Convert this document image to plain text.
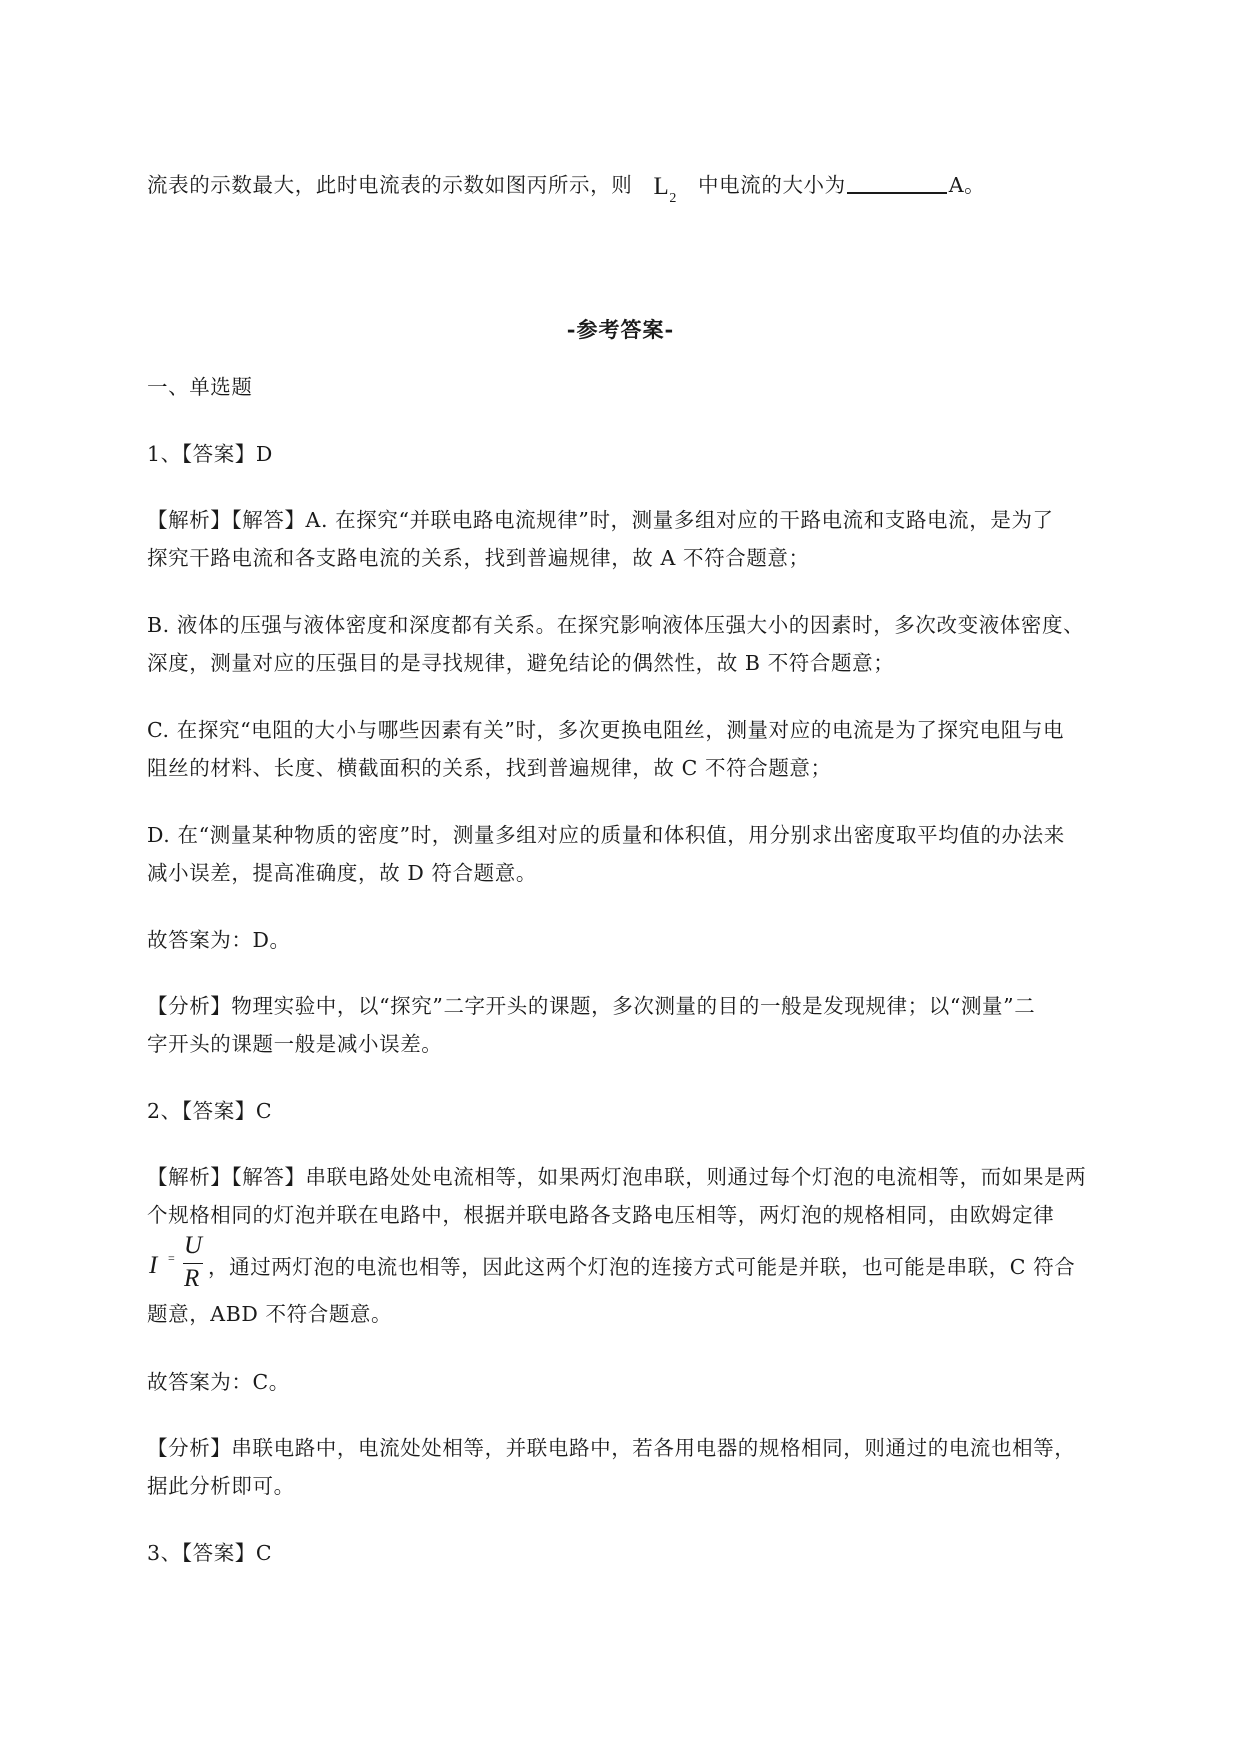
流表的示数最大，此时电流表的示数如图丙所示，则 $L_2$ 中电流的大小为	A。
-参考答案-
一、单选题
1、【答案】D
【解析】【解答】A. 在探究“并联电路电流规律”时，测量多组对应的干路电流和支路电流，是为了
探究干路电流和各支路电流的关系，找到普遍规律，故 A 不符合题意；
B. 液体的压强与液体密度和深度都有关系。在探究影响液体压强大小的因素时，多次改变液体密度、
深度，测量对应的压强目的是寻找规律，避免结论的偶然性，故 B 不符合题意；
C. 在探究“电阻的大小与哪些因素有关”时，多次更换电阻丝，测量对应的电流是为了探究电阻与电
阻丝的材料、长度、横截面积的关系，找到普遍规律，故 C 不符合题意；
D. 在“测量某种物质的密度”时，测量多组对应的质量和体积值，用分别求出密度取平均值的办法来
减小误差，提高准确度，故 D 符合题意。
故答案为：D。
【分析】物理实验中，以“探究”二字开头的课题，多次测量的目的一般是发现规律；以“测量”二
字开头的课题一般是减小误差。
2、【答案】C
【解析】【解答】串联电路处处电流相等，如果两灯泡串联，则通过每个灯泡的电流相等，而如果是两
个规格相同的灯泡并联在电路中，根据并联电路各支路电压相等，两灯泡的规格相同，由欧姆定律
I = U
R ，通过两灯泡的电流也相等，因此这两个灯泡的连接方式可能是并联，也可能是串联，C 符合
题意，ABD 不符合题意。
故答案为：C。
【分析】串联电路中，电流处处相等，并联电路中，若各用电器的规格相同，则通过的电流也相等，
据此分析即可。
3、【答案】C
